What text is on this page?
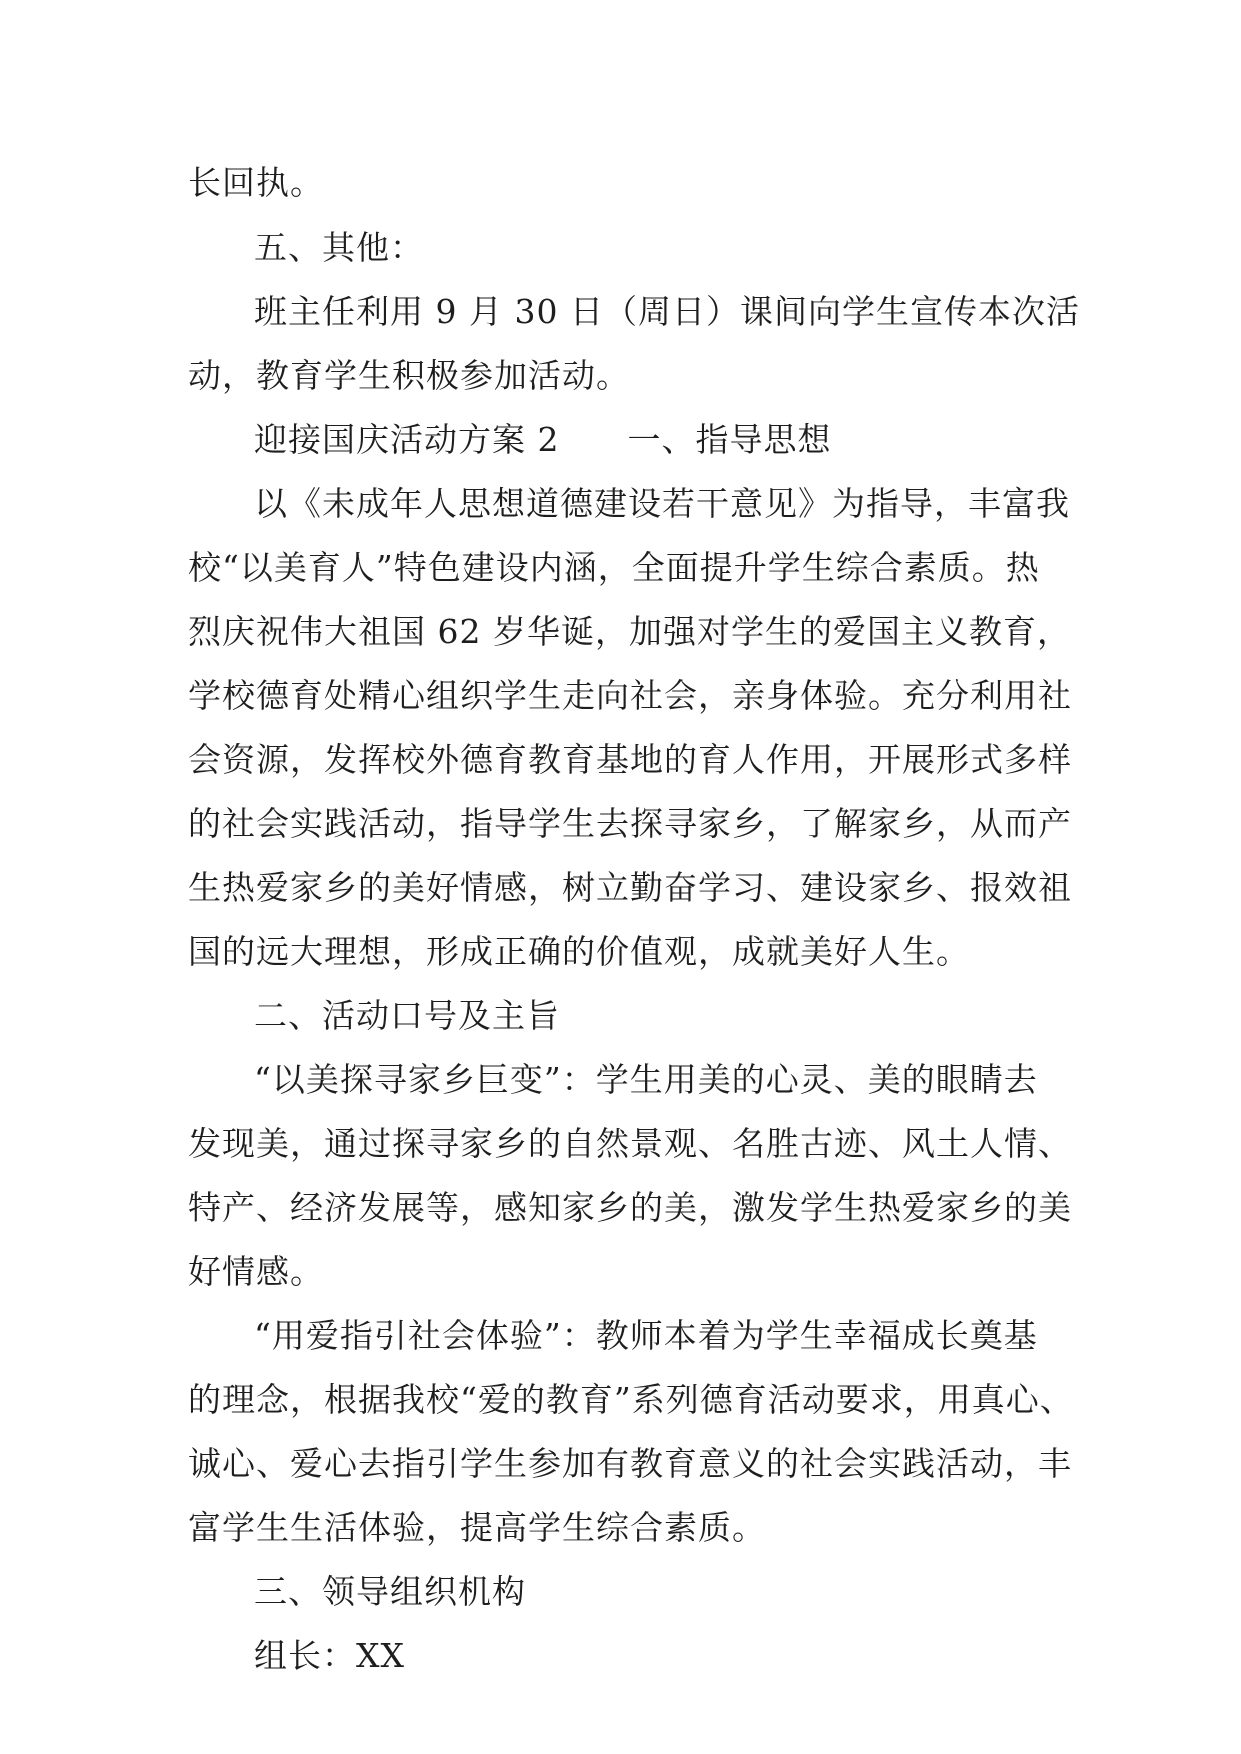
长回执。
五、其他：
班主任利用 9 月 30 日（周日）课间向学生宣传本次活
动，教育学生积极参加活动。
迎接国庆活动方案 2　　一、指导思想
以《未成年人思想道德建设若干意见》为指导，丰富我
校“以美育人”特色建设内涵，全面提升学生综合素质。热
烈庆祝伟大祖国 62 岁华诞，加强对学生的爱国主义教育，
学校德育处精心组织学生走向社会，亲身体验。充分利用社
会资源，发挥校外德育教育基地的育人作用，开展形式多样
的社会实践活动，指导学生去探寻家乡，了解家乡，从而产
生热爱家乡的美好情感，树立勤奋学习、建设家乡、报效祖
国的远大理想，形成正确的价值观，成就美好人生。
二、活动口号及主旨
“以美探寻家乡巨变”：学生用美的心灵、美的眼睛去
发现美，通过探寻家乡的自然景观、名胜古迹、风土人情、
特产、经济发展等，感知家乡的美，激发学生热爱家乡的美
好情感。
“用爱指引社会体验”：教师本着为学生幸福成长奠基
的理念，根据我校“爱的教育”系列德育活动要求，用真心、
诚心、爱心去指引学生参加有教育意义的社会实践活动，丰
富学生生活体验，提高学生综合素质。
三、领导组织机构
组长：XX
